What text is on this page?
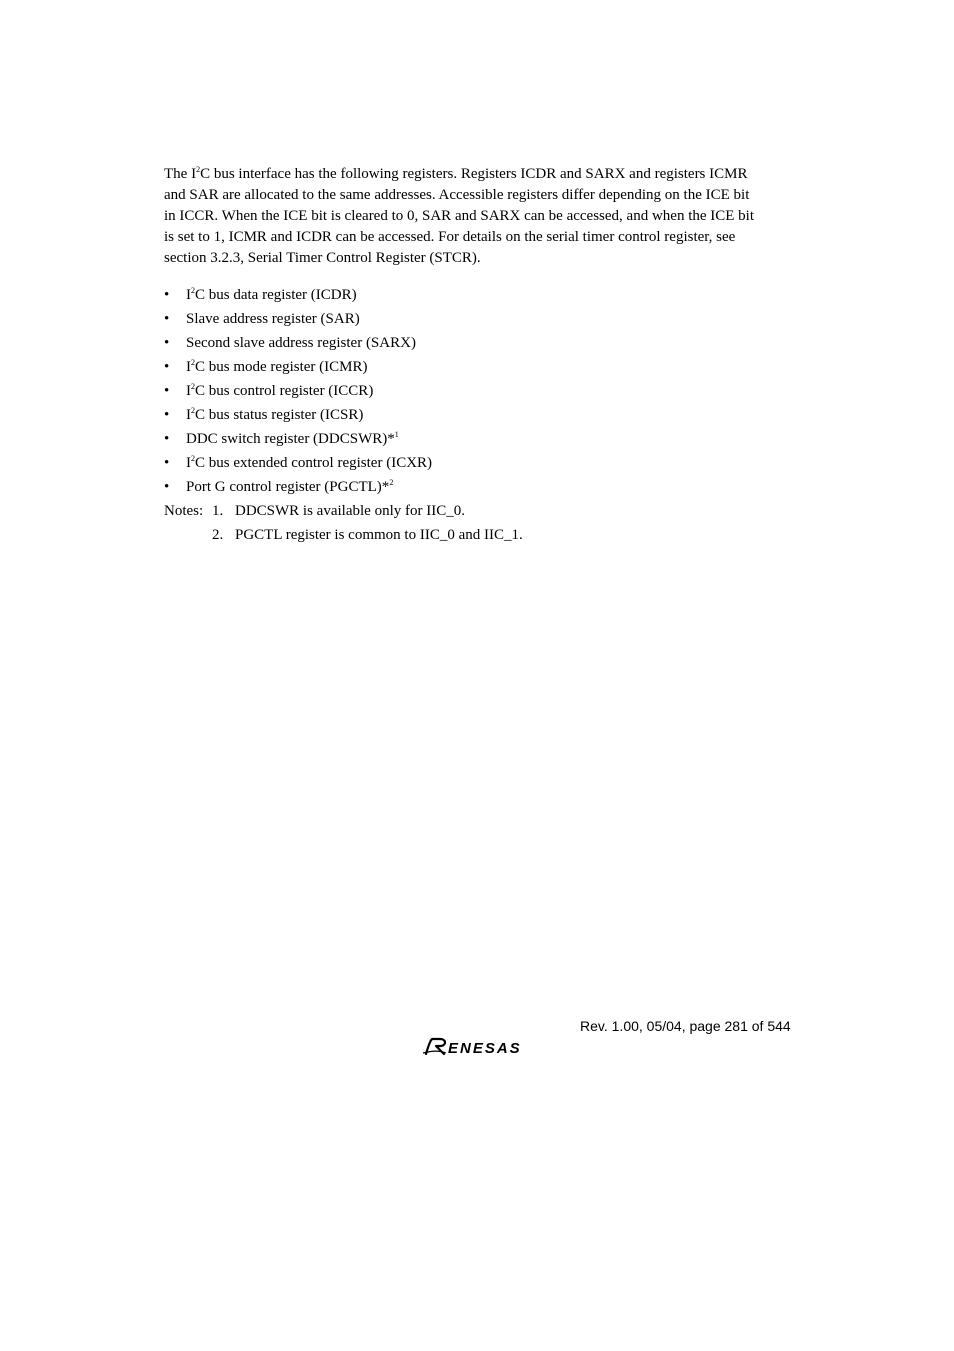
The $I^2C$ bus interface has the following registers. Registers ICDR and SARX and registers ICMR

and SAR are allocated to the same addresses. Accessible registers differ depending on the ICE bit

in ICCR. When the ICE bit is cleared to 0, SAR and SARX can be accessed, and when the ICE bit

is set to 1, ICMR and ICDR can be accessed. For details on the serial timer control register, see

section 3.2.3, Serial Timer Control Register (STCR).

• $I^2C$ bus data register (ICDR)
• Slave address register (SAR)
• Second slave address register (SARX)
• $I^2C$ bus mode register (ICMR)
• $I^2C$ bus control register (ICCR)
• $I^2C$ bus status register (ICSR)
• DDC switch register (DDCSWR)*$^1$
• $I^2C$ bus extended control register (ICXR)
• Port G control register (PGCTL)*$^2$
Notes: 1. DDCSWR is available only for IIC_0.
2. PGCTL register is common to IIC_0 and IIC_1.
Rev. 1.00, 05/04, page 281 of 544
ENESAS
